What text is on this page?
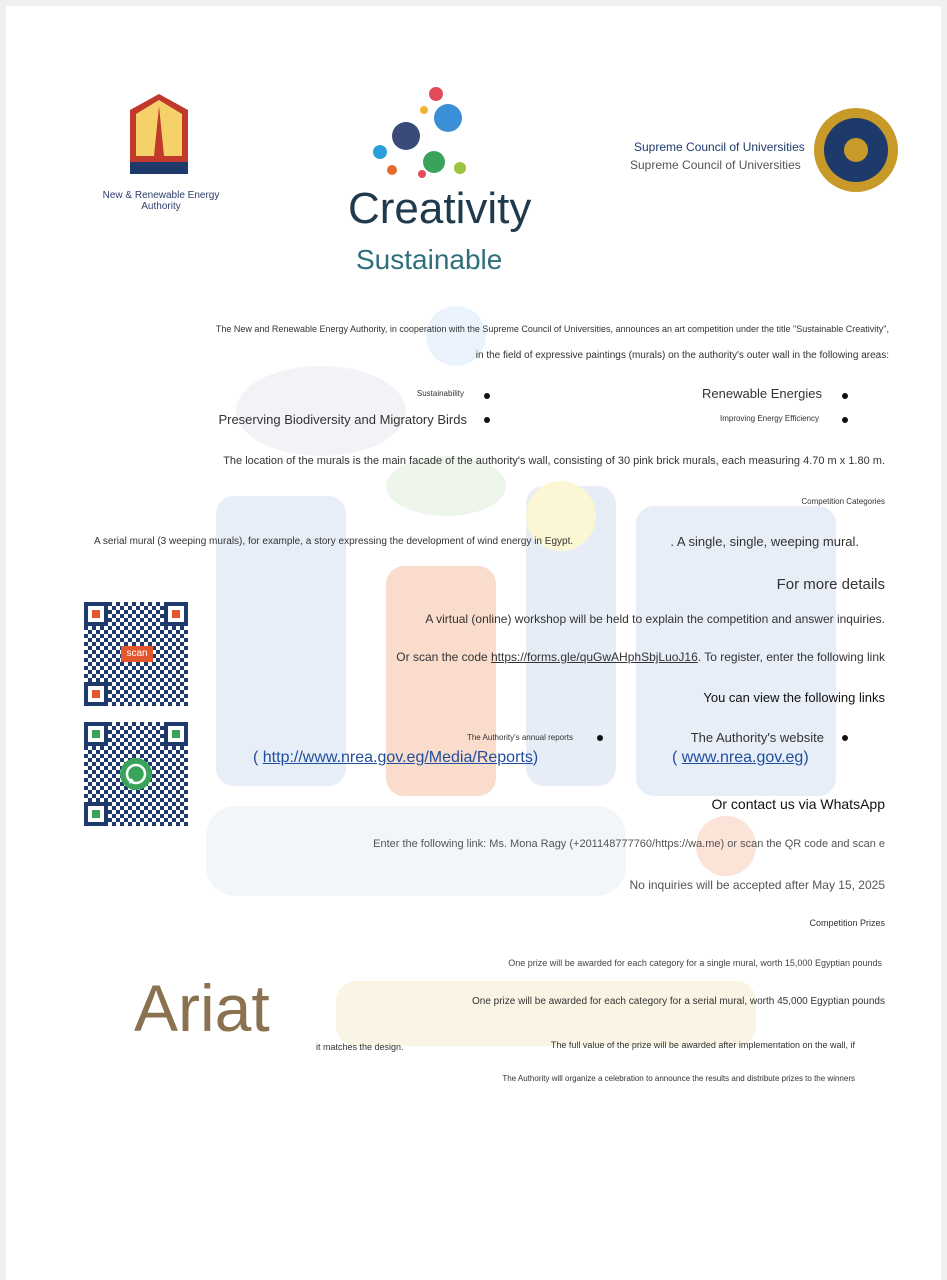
New & Renewable Energy
Authority	Creativity
Sustainable
Supreme Council of Universities
Supreme Council of Universities
The New and Renewable Energy Authority, in cooperation with the Supreme Council of Universities, announces an art competition under the title "Sustainable Creativity",
in the field of expressive paintings (murals) on the authority's outer wall in the following areas:
Sustainability	Renewable Energies
Preserving Biodiversity and Migratory Birds	Improving Energy Efficiency
The location of the murals is the main facade of the authority's wall, consisting of 30 pink brick murals, each measuring 4.70 m x 1.80 m.
Competition Categories
A serial mural (3 weeping murals), for example, a story expressing the development of wind energy in Egypt.	. A single, single, weeping mural.
For more details
A virtual (online) workshop will be held to explain the competition and answer inquiries.
Or scan the code https://forms.gle/quGwAHphSbjLuoJ16. To register, enter the following link
You can view the following links
scan
The Authority's annual reports	The Authority's website
( http://www.nrea.gov.eg/Media/Reports)	( www.nrea.gov.eg)
Or contact us via WhatsApp
Enter the following link: Ms. Mona Ragy (+201148777760/https://wa.me) or scan the QR code and scan e
No inquiries will be accepted after May 15, 2025
Competition Prizes
One prize will be awarded for each category for a single mural, worth 15,000 Egyptian pounds
Ariat	One prize will be awarded for each category for a serial mural, worth 45,000 Egyptian pounds
it matches the design.	The full value of the prize will be awarded after implementation on the wall, if
The Authority will organize a celebration to announce the results and distribute prizes to the winners
